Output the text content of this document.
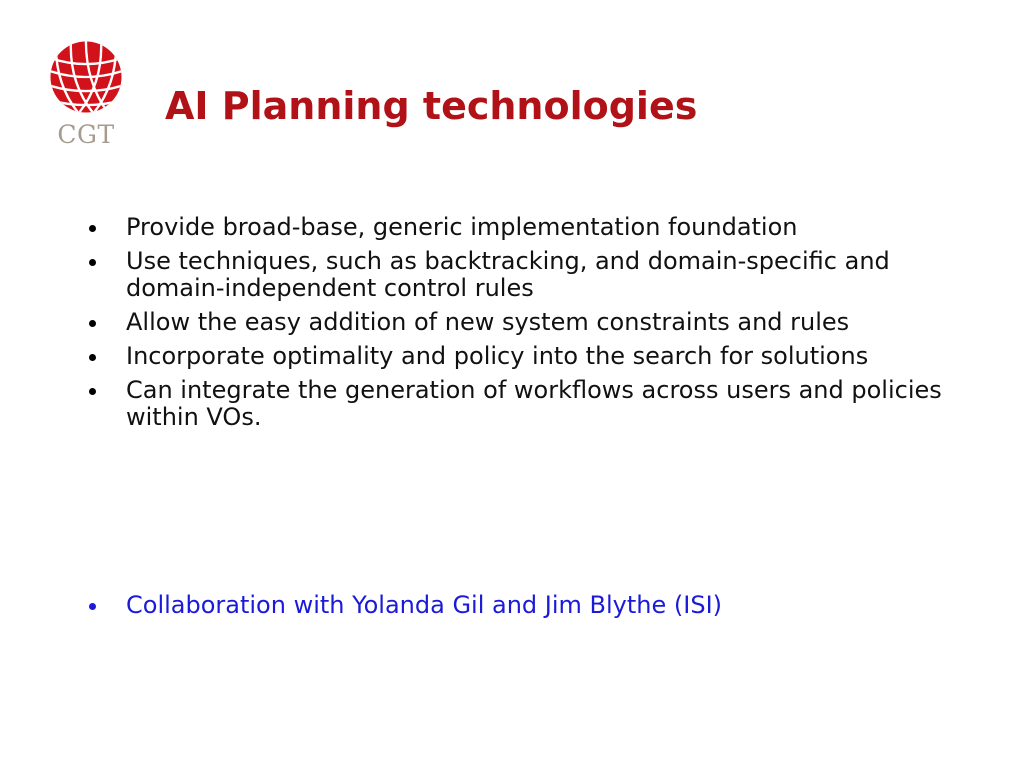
CGT
AI Planning technologies
Provide broad-base, generic implementation foundation
Use techniques, such as backtracking, and domain-specific and domain-independent control rules
Allow the easy addition of new system constraints and rules
Incorporate optimality and policy into the search for solutions
Can integrate the generation of workflows across users and policies within VOs.
Collaboration with Yolanda Gil and Jim Blythe (ISI)
